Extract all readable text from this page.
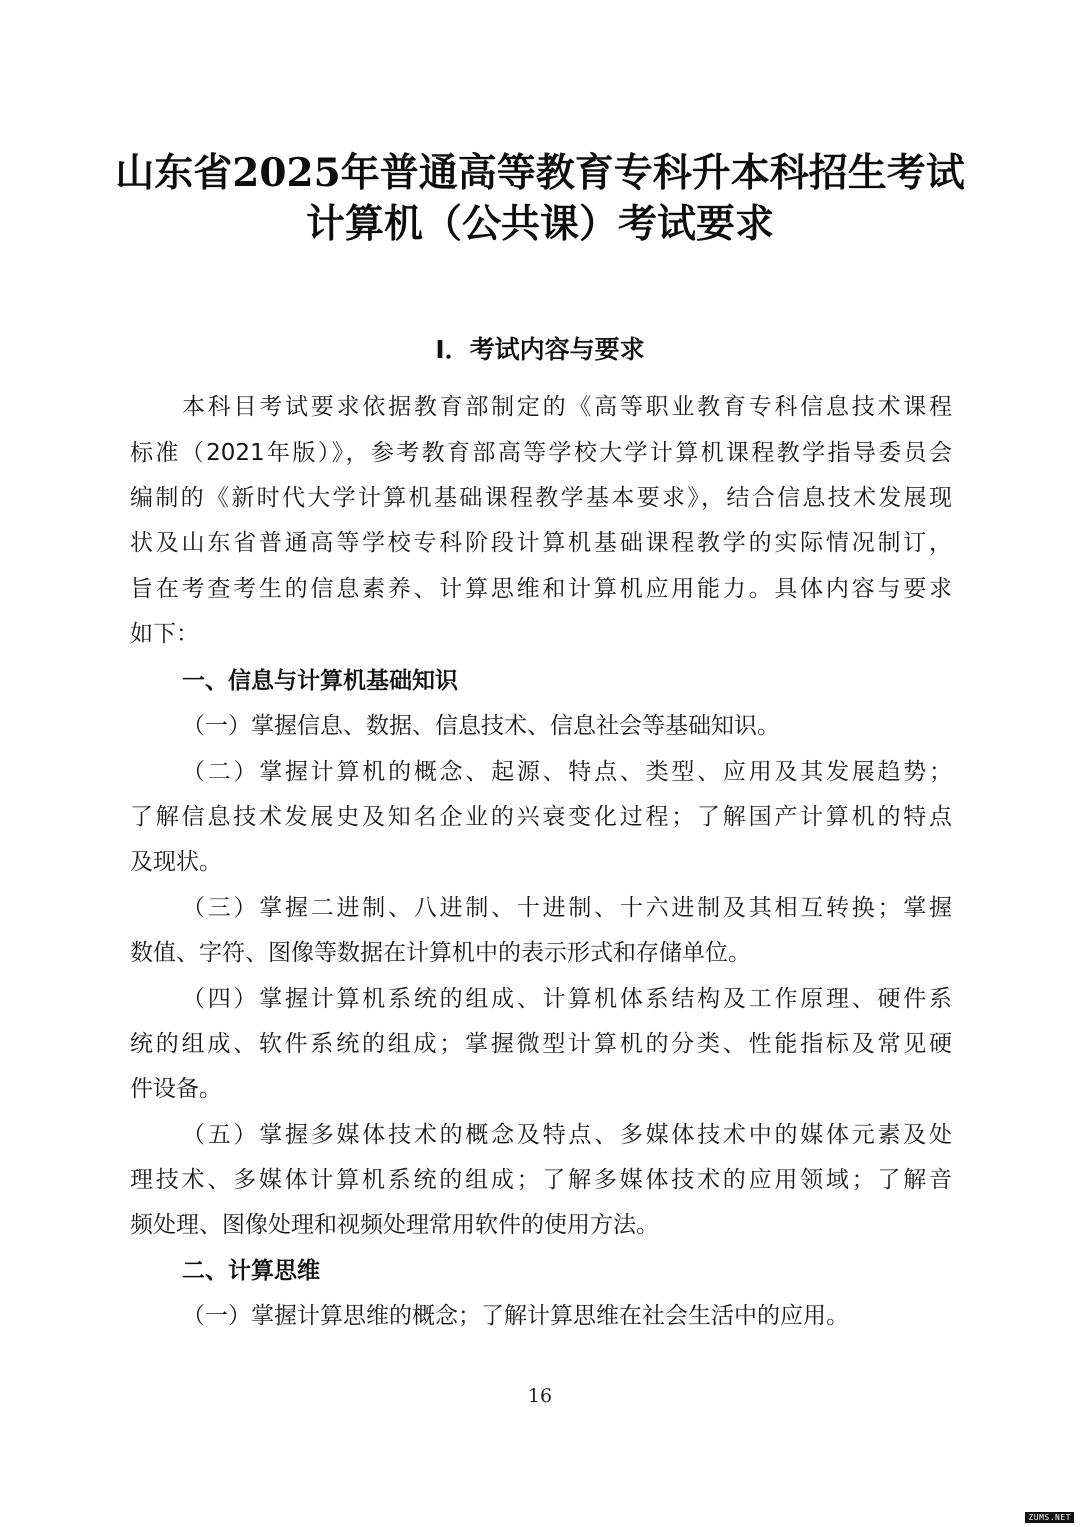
山东省2025年普通高等教育专科升本科招生考试
计算机（公共课）考试要求
Ⅰ．考试内容与要求
本科目考试要求依据教育部制定的《高等职业教育专科信息技术课程
标准（2021年版）》，参考教育部高等学校大学计算机课程教学指导委员会
编制的《新时代大学计算机基础课程教学基本要求》，结合信息技术发展现
状及山东省普通高等学校专科阶段计算机基础课程教学的实际情况制订，
旨在考查考生的信息素养、计算思维和计算机应用能力。具体内容与要求
如下：
一、信息与计算机基础知识
（一）掌握信息、数据、信息技术、信息社会等基础知识。
（二）掌握计算机的概念、起源、特点、类型、应用及其发展趋势；
了解信息技术发展史及知名企业的兴衰变化过程；了解国产计算机的特点
及现状。
（三）掌握二进制、八进制、十进制、十六进制及其相互转换；掌握
数值、字符、图像等数据在计算机中的表示形式和存储单位。
（四）掌握计算机系统的组成、计算机体系结构及工作原理、硬件系
统的组成、软件系统的组成；掌握微型计算机的分类、性能指标及常见硬
件设备。
（五）掌握多媒体技术的概念及特点、多媒体技术中的媒体元素及处
理技术、多媒体计算机系统的组成；了解多媒体技术的应用领域；了解音
频处理、图像处理和视频处理常用软件的使用方法。
二、计算思维
（一）掌握计算思维的概念；了解计算思维在社会生活中的应用。
16
ZUMS.NET
